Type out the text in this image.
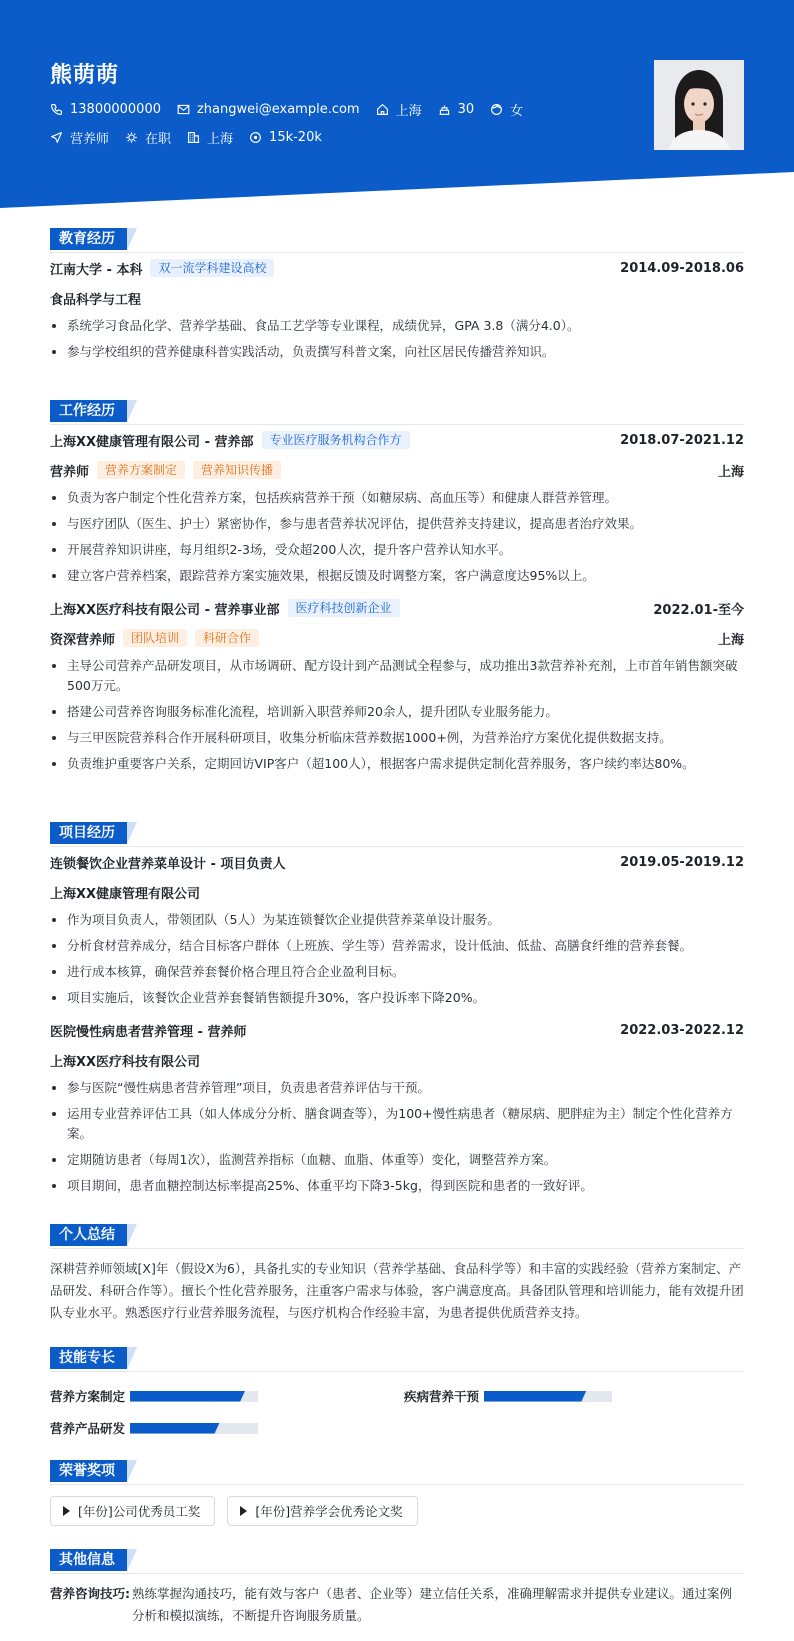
熊萌萌
13800000000	zhangwei@example.com	上海	30	女
营养师	在职	上海	15k-20k
教育经历
江南大学 - 本科	双一流学科建设高校	2014.09-2018.06
食品科学与工程
系统学习食品化学、营养学基础、食品工艺学等专业课程，成绩优异，GPA 3.8（满分4.0）。
参与学校组织的营养健康科普实践活动，负责撰写科普文案，向社区居民传播营养知识。
工作经历
上海XX健康管理有限公司 - 营养部	专业医疗服务机构合作方	2018.07-2021.12
营养师	营养方案制定	营养知识传播	上海
负责为客户制定个性化营养方案，包括疾病营养干预（如糖尿病、高血压等）和健康人群营养管理。
与医疗团队（医生、护士）紧密协作，参与患者营养状况评估，提供营养支持建议，提高患者治疗效果。
开展营养知识讲座，每月组织2-3场，受众超200人次，提升客户营养认知水平。
建立客户营养档案，跟踪营养方案实施效果，根据反馈及时调整方案，客户满意度达95%以上。
上海XX医疗科技有限公司 - 营养事业部	医疗科技创新企业	2022.01-至今
资深营养师	团队培训	科研合作	上海
主导公司营养产品研发项目，从市场调研、配方设计到产品测试全程参与，成功推出3款营养补充剂，上市首年销售额突破500万元。
搭建公司营养咨询服务标准化流程，培训新入职营养师20余人，提升团队专业服务能力。
与三甲医院营养科合作开展科研项目，收集分析临床营养数据1000+例，为营养治疗方案优化提供数据支持。
负责维护重要客户关系，定期回访VIP客户（超100人），根据客户需求提供定制化营养服务，客户续约率达80%。
项目经历
连锁餐饮企业营养菜单设计 - 项目负责人	2019.05-2019.12
上海XX健康管理有限公司
作为项目负责人，带领团队（5人）为某连锁餐饮企业提供营养菜单设计服务。
分析食材营养成分，结合目标客户群体（上班族、学生等）营养需求，设计低油、低盐、高膳食纤维的营养套餐。
进行成本核算，确保营养套餐价格合理且符合企业盈利目标。
项目实施后，该餐饮企业营养套餐销售额提升30%，客户投诉率下降20%。
医院慢性病患者营养管理 - 营养师	2022.03-2022.12
上海XX医疗科技有限公司
参与医院“慢性病患者营养管理”项目，负责患者营养评估与干预。
运用专业营养评估工具（如人体成分分析、膳食调查等），为100+慢性病患者（糖尿病、肥胖症为主）制定个性化营养方案。
定期随访患者（每周1次），监测营养指标（血糖、血脂、体重等）变化，调整营养方案。
项目期间，患者血糖控制达标率提高25%、体重平均下降3-5kg，得到医院和患者的一致好评。
个人总结

深耕营养师领域[X]年（假设X为6），具备扎实的专业知识（营养学基础、食品科学等）和丰富的实践经验（营养方案制定、产品研发、科研合作等）。擅长个性化营养服务，注重客户需求与体验，客户满意度高。具备团队管理和培训能力，能有效提升团队专业水平。熟悉医疗行业营养服务流程，与医疗机构合作经验丰富，为患者提供优质营养支持。

技能专长
营养方案制定	疾病营养干预
营养产品研发
荣誉奖项
[年份]公司优秀员工奖
	[年份]营养学会优秀论文奖
其他信息
营养咨询技巧: 熟练掌握沟通技巧，能有效与客户（患者、企业等）建立信任关系，准确理解需求并提供专业建议。通过案例分析和模拟演练，不断提升咨询服务质量。
